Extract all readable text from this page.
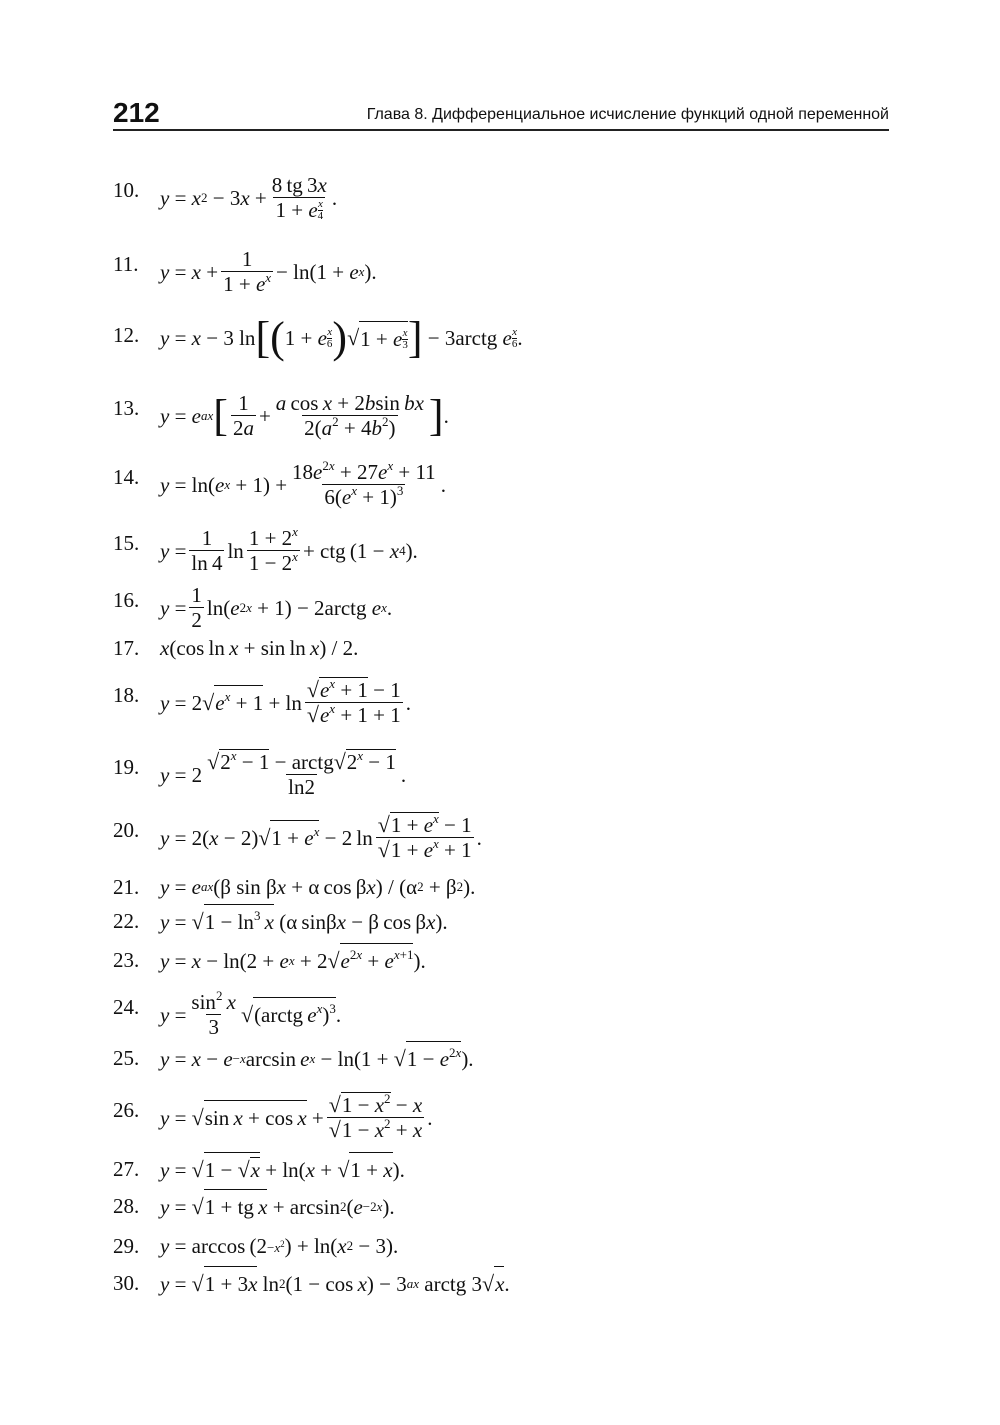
212	Глава 8. Дифференциальное исчисление функций одной переменной
10. y = x 2 − 3 x +
8 tg 3x
1 + e $\frac{x}{4}$
.
11. y = x +
1
$1 + e^x - \ln(1 + e$ x ).
12. y = x − 3 ln [( 1 + e x
6 ) √ 1 + e $\frac{x}{3}$ ] − 3arctg e x
6 .
13. y = e ax [ 1
2a
+
a cos x + 2bsin bx
$2(a^2 + 4b^2)$ ] .
14. y = ln( e x + 1) +
$18e^{2x} + 27e^x + 11$
$6(e^x + 1)^3$ .
15. y =
1
ln 4
ln
$1 + 2^x$
$1 - 2^x$ + ctg (1 − x 4 ).
16. y =
1
2
ln( e 2x + 1) − 2arctg e x .
17. x (cos ln  x + sin ln  x ) / 2.
18. y = 2 √ $e^x + 1 + \ln$
$√e^x + 1 - 1$
$√e^x + 1 + 1$
.
19. y = 2
$√2^x - 1$ − $arctg√2^x - 1$
ln2
.
20. y = 2( x − 2) √ $1 + e^x - 2$ ln
$√1 + e^x - 1$
$√1 + e^x + 1$
.
21. y = e ax (β sin β x + α cos β x ) / (α 2 + β 2 ).
22. y = √ $1 - \ln^3 x$ (α sinβ x − β cos β x ).
23. y = x − ln(2 + e x + 2 √ $e^{2x} + e^{x+1}$ ).
24. y =
$\sin^2 x$
3
√ (arctg $e^x)^3$ .
25. y = x − e −x arcsin  e x − ln(1 + √ $1 - e^{2x}$ ).
26. y = √ sin x + cos x +
$√1 - x^2 - x$
$√1 - x^2 + x$
.
27. y = √ 1 − √x + ln( x + √ 1 + x ).
28. y = √ 1 + tg x + arcsin 2 ( e −2x ).
29. $y = \arccos (2 -x^2$ ) + ln( x 2 − 3).
30. y = √ 1 + 3x ln 2 (1 − cos  x ) − 3 ax arctg 3 √ x .
